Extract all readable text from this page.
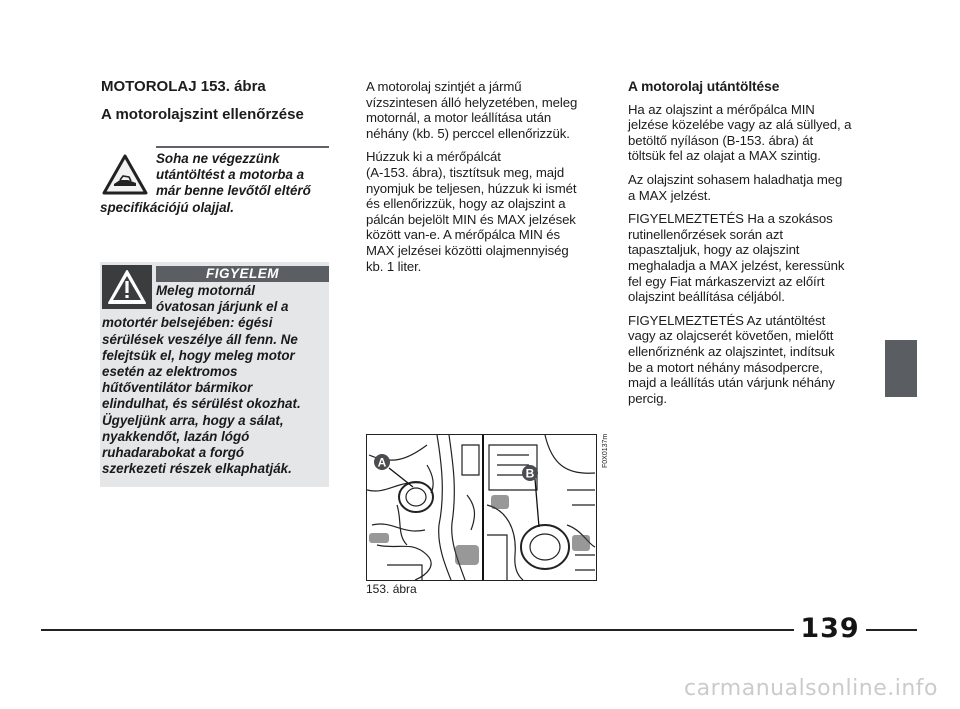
MOTOROLAJ 153. ábra
A motorolajszint ellenőrzése
Soha ne végezzünk
utántöltést a motorba a
már benne levőtől eltérő
specifikációjú olajjal.
FIGYELEM
Meleg motornál
óvatosan járjunk el a
motortér belsejében: égési
sérülések veszélye áll fenn. Ne
felejtsük el, hogy meleg motor
esetén az elektromos
hűtőventilátor bármikor
elindulhat, és sérülést okozhat.
Ügyeljünk arra, hogy a sálat,
nyakkendőt, lazán lógó
ruhadarabokat a forgó
szerkezeti részek elkaphatják.

A motorolaj szintjét a jármű
vízszintesen álló helyzetében, meleg
motornál, a motor leállítása után
néhány (kb. 5) perccel ellenőrizzük.

Húzzuk ki a mérőpálcát
(A-153. ábra), tisztítsuk meg, majd
nyomjuk be teljesen, húzzuk ki ismét
és ellenőrizzük, hogy az olajszint a
pálcán bejelölt MIN és MAX jelzések
között van-e. A mérőpálca MIN és
MAX jelzései közötti olajmennyiség
kb. 1 liter.

A motorolaj utántöltése

Ha az olajszint a mérőpálca MIN
jelzése közelébe vagy az alá süllyed, a
betöltő nyíláson (B-153. ábra) át
töltsük fel az olajat a MAX szintig.

Az olajszint sohasem haladhatja meg
a MAX jelzést.

FIGYELMEZTETÉS Ha a szokásos
rutinellenőrzések során azt
tapasztaljuk, hogy az olajszint
meghaladja a MAX jelzést, keressünk
fel egy Fiat márkaszervizt az előírt
olajszint beállítása céljából.

FIGYELMEZTETÉS Az utántöltést
vagy az olajcserét követően, mielőtt
ellenőriznénk az olajszintet, indítsuk
be a motort néhány másodpercre,
majd a leállítás után várjunk néhány
percig.

A
B
F0X0137m
153. ábra
139
carmanualsonline.info
